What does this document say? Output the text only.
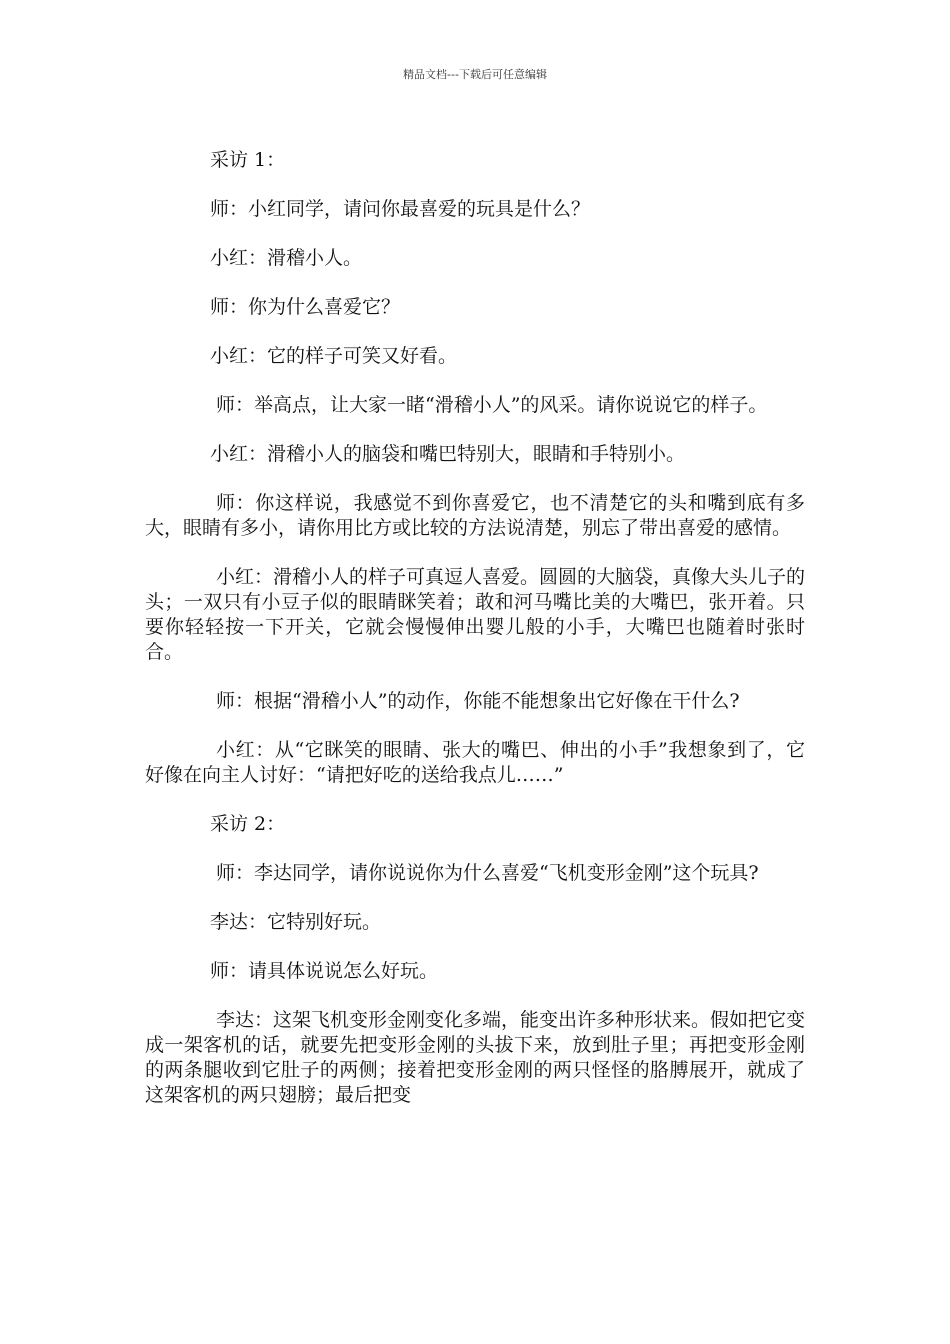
精品文档---下载后可任意编辑

采访 1：

师：小红同学，请问你最喜爱的玩具是什么？

小红：滑稽小人。

师：你为什么喜爱它？

小红：它的样子可笑又好看。

师：举高点，让大家一睹“滑稽小人”的风采。请你说说它的样子。

小红：滑稽小人的脑袋和嘴巴特别大，眼睛和手特别小。

师：你这样说，我感觉不到你喜爱它，也不清楚它的头和嘴到底有多大，眼睛有多小，请你用比方或比较的方法说清楚，别忘了带出喜爱的感情。

小红：滑稽小人的样子可真逗人喜爱。圆圆的大脑袋，真像大头儿子的头；一双只有小豆子似的眼睛眯笑着；敢和河马嘴比美的大嘴巴，张开着。只要你轻轻按一下开关，它就会慢慢伸出婴儿般的小手，大嘴巴也随着时张时合。

师：根据“滑稽小人”的动作，你能不能想象出它好像在干什么?

小红：从“它眯笑的眼睛、张大的嘴巴、伸出的小手”我想象到了，它好像在向主人讨好：“请把好吃的送给我点儿……”

采访 2：

师：李达同学，请你说说你为什么喜爱“飞机变形金刚”这个玩具?

李达：它特别好玩。

师：请具体说说怎么好玩。

李达：这架飞机变形金刚变化多端，能变出许多种形状来。假如把它变成一架客机的话，就要先把变形金刚的头拔下来，放到肚子里；再把变形金刚的两条腿收到它肚子的两侧；接着把变形金刚的两只怪怪的胳膊展开，就成了这架客机的两只翅膀；最后把变
